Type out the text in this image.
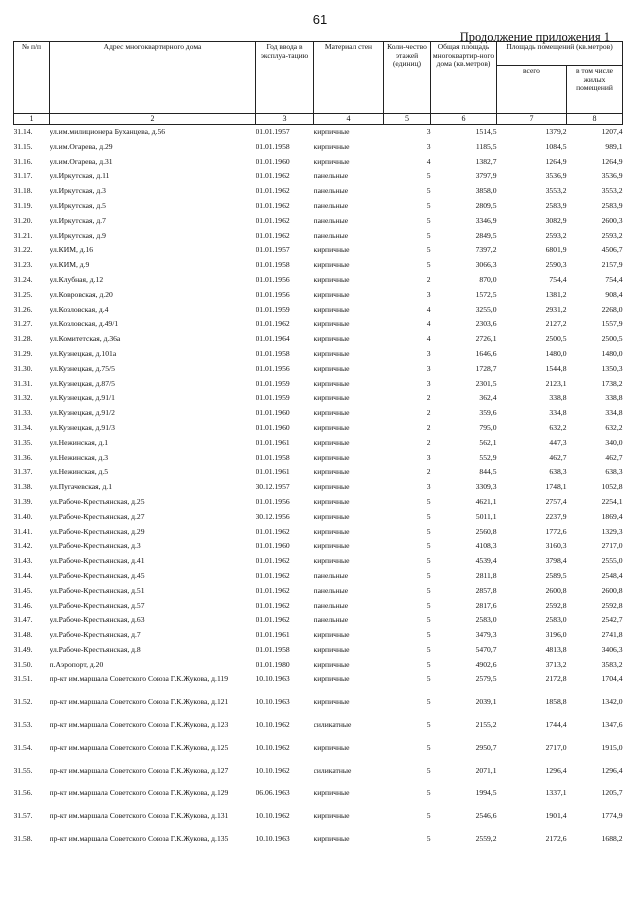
61
Продолжение приложения 1
№ п/п	Адрес многоквартирного дома	Год ввода в эксплуа-тацию	Материал стен	Коли-чество этажей (единиц)	Общая площадь многоквартир-ного дома (кв.метров)	Площадь помещений (кв.метров)	
						всего	в том числе жилых помещений
1	2	3	4	5	6	7	8
31.14.	ул.им.милиционера Буханцева, д.56	01.01.1957	кирпичные	3	1514,5	1379,2	1207,4
31.15.	ул.им.Огарева, д.29	01.01.1958	кирпичные	3	1185,5	1084,5	989,1
31.16.	ул.им.Огарева, д.31	01.01.1960	кирпичные	4	1382,7	1264,9	1264,9
31.17.	ул.Иркутская, д.11	01.01.1962	панельные	5	3797,9	3536,9	3536,9
31.18.	ул.Иркутская, д.3	01.01.1962	панельные	5	3858,0	3553,2	3553,2
31.19.	ул.Иркутская, д.5	01.01.1962	панельные	5	2809,5	2583,9	2583,9
31.20.	ул.Иркутская, д.7	01.01.1962	панельные	5	3346,9	3082,9	2600,3
31.21.	ул.Иркутская, д.9	01.01.1962	панельные	5	2849,5	2593,2	2593,2
31.22.	ул.КИМ, д.16	01.01.1957	кирпичные	5	7397,2	6801,9	4506,7
31.23.	ул.КИМ, д.9	01.01.1958	кирпичные	5	3066,3	2590,3	2157,9
31.24.	ул.Клубная, д.12	01.01.1956	кирпичные	2	870,0	754,4	754,4
31.25.	ул.Ковровская, д.20	01.01.1956	кирпичные	3	1572,5	1381,2	908,4
31.26.	ул.Козловская, д.4	01.01.1959	кирпичные	4	3255,0	2931,2	2268,0
31.27.	ул.Козловская, д.49/1	01.01.1962	кирпичные	4	2303,6	2127,2	1557,9
31.28.	ул.Комитетская, д.36а	01.01.1964	кирпичные	4	2726,1	2500,5	2500,5
31.29.	ул.Кузнецкая, д.101а	01.01.1958	кирпичные	3	1646,6	1480,0	1480,0
31.30.	ул.Кузнецкая, д.75/5	01.01.1956	кирпичные	3	1728,7	1544,8	1350,3
31.31.	ул.Кузнецкая, д.87/5	01.01.1959	кирпичные	3	2301,5	2123,1	1738,2
31.32.	ул.Кузнецкая, д.91/1	01.01.1959	кирпичные	2	362,4	338,8	338,8
31.33.	ул.Кузнецкая, д.91/2	01.01.1960	кирпичные	2	359,6	334,8	334,8
31.34.	ул.Кузнецкая, д.91/3	01.01.1960	кирпичные	2	795,0	632,2	632,2
31.35.	ул.Нежинская, д.1	01.01.1961	кирпичные	2	562,1	447,3	340,0
31.36.	ул.Нежинская, д.3	01.01.1958	кирпичные	3	552,9	462,7	462,7
31.37.	ул.Нежинская, д.5	01.01.1961	кирпичные	2	844,5	638,3	638,3
31.38.	ул.Пугачевская, д.1	30.12.1957	кирпичные	3	3309,3	1748,1	1052,8
31.39.	ул.Рабоче-Крестьянская, д.25	01.01.1956	кирпичные	5	4621,1	2757,4	2254,1
31.40.	ул.Рабоче-Крестьянская, д.27	30.12.1956	кирпичные	5	5011,1	2237,9	1869,4
31.41.	ул.Рабоче-Крестьянская, д.29	01.01.1962	кирпичные	5	2560,8	1772,6	1329,3
31.42.	ул.Рабоче-Крестьянская, д.3	01.01.1960	кирпичные	5	4108,3	3160,3	2717,0
31.43.	ул.Рабоче-Крестьянская, д.41	01.01.1962	кирпичные	5	4539,4	3798,4	2555,0
31.44.	ул.Рабоче-Крестьянская, д.45	01.01.1962	панельные	5	2811,8	2589,5	2548,4
31.45.	ул.Рабоче-Крестьянская, д.51	01.01.1962	панельные	5	2857,8	2600,8	2600,8
31.46.	ул.Рабоче-Крестьянская, д.57	01.01.1962	панельные	5	2817,6	2592,8	2592,8
31.47.	ул.Рабоче-Крестьянская, д.63	01.01.1962	панельные	5	2583,0	2583,0	2542,7
31.48.	ул.Рабоче-Крестьянская, д.7	01.01.1961	кирпичные	5	3479,3	3196,0	2741,8
31.49.	ул.Рабоче-Крестьянская, д.8	01.01.1958	кирпичные	5	5470,7	4813,8	3406,3
31.50.	п.Аэропорт, д.20	01.01.1980	кирпичные	5	4902,6	3713,2	3583,2
31.51.	пр-кт им.маршала Советского Союза Г.К.Жукова, д.119	10.10.1963	кирпичные	5	2579,5	2172,8	1704,4
31.52.	пр-кт им.маршала Советского Союза Г.К.Жукова, д.121	10.10.1963	кирпичные	5	2039,1	1858,8	1342,0
31.53.	пр-кт им.маршала Советского Союза Г.К.Жукова, д.123	10.10.1962	силикатные	5	2155,2	1744,4	1347,6
31.54.	пр-кт им.маршала Советского Союза Г.К.Жукова, д.125	10.10.1962	кирпичные	5	2950,7	2717,0	1915,0
31.55.	пр-кт им.маршала Советского Союза Г.К.Жукова, д.127	10.10.1962	силикатные	5	2071,1	1296,4	1296,4
31.56.	пр-кт им.маршала Советского Союза Г.К.Жукова, д.129	06.06.1963	кирпичные	5	1994,5	1337,1	1205,7
31.57.	пр-кт им.маршала Советского Союза Г.К.Жукова, д.131	10.10.1962	кирпичные	5	2546,6	1901,4	1774,9
31.58.	пр-кт им.маршала Советского Союза Г.К.Жукова, д.135	10.10.1963	кирпичные	5	2559,2	2172,6	1688,2
